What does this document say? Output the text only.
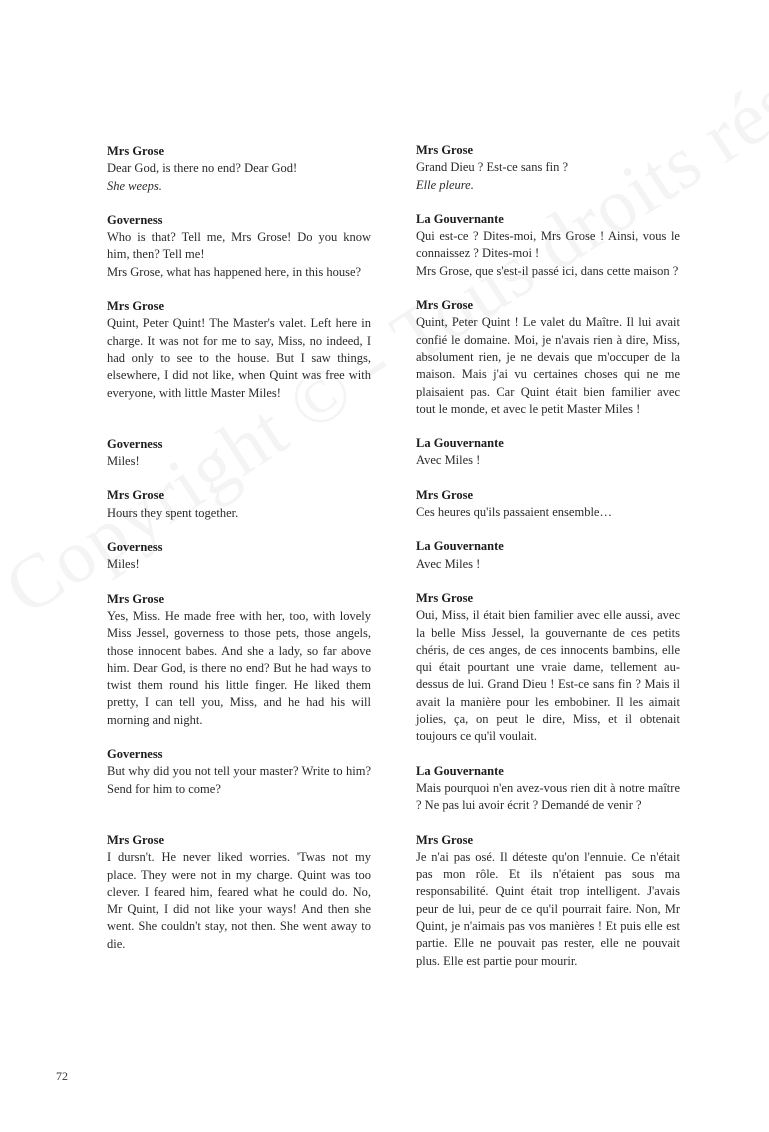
Mrs Grose
Dear God, is there no end? Dear God!
She weeps.
Governess
Who is that? Tell me, Mrs Grose! Do you know him, then? Tell me!
Mrs Grose, what has happened here, in this house?
Mrs Grose
Quint, Peter Quint! The Master's valet. Left here in charge. It was not for me to say, Miss, no indeed, I had only to see to the house. But I saw things, elsewhere, I did not like, when Quint was free with everyone, with little Master Miles!
Governess
Miles!
Mrs Grose
Hours they spent together.
Governess
Miles!
Mrs Grose
Yes, Miss. He made free with her, too, with lovely Miss Jessel, governess to those pets, those angels, those innocent babes. And she a lady, so far above him. Dear God, is there no end? But he had ways to twist them round his little finger. He liked them pretty, I can tell you, Miss, and he had his will morning and night.
Governess
But why did you not tell your master? Write to him? Send for him to come?
Mrs Grose
I dursn't. He never liked worries. 'Twas not my place. They were not in my charge. Quint was too clever. I feared him, feared what he could do. No, Mr Quint, I did not like your ways! And then she went. She couldn't stay, not then. She went away to die.
Mrs Grose
Grand Dieu ? Est-ce sans fin ?
Elle pleure.
La Gouvernante
Qui est-ce ? Dites-moi, Mrs Grose ! Ainsi, vous le connaissez ? Dites-moi !
Mrs Grose, que s'est-il passé ici, dans cette maison ?
Mrs Grose
Quint, Peter Quint ! Le valet du Maître. Il lui avait confié le domaine. Moi, je n'avais rien à dire, Miss, absolument rien, je ne devais que m'occuper de la maison. Mais j'ai vu certaines choses qui ne me plaisaient pas. Car Quint était bien familier avec tout le monde, et avec le petit Master Miles !
La Gouvernante
Avec Miles !
Mrs Grose
Ces heures qu'ils passaient ensemble…
La Gouvernante
Avec Miles !
Mrs Grose
Oui, Miss, il était bien familier avec elle aussi, avec la belle Miss Jessel, la gouvernante de ces petits chéris, de ces anges, de ces innocents bambins, elle qui était pourtant une vraie dame, tellement au-dessus de lui. Grand Dieu ! Est-ce sans fin ? Mais il avait la manière pour les embobiner. Il les aimait jolies, ça, on peut le dire, Miss, et il obtenait toujours ce qu'il voulait.
La Gouvernante
Mais pourquoi n'en avez-vous rien dit à notre maître ? Ne pas lui avoir écrit ? Demandé de venir ?
Mrs Grose
Je n'ai pas osé. Il déteste qu'on l'ennuie. Ce n'était pas mon rôle. Et ils n'étaient pas sous ma responsabilité. Quint était trop intelligent. J'avais peur de lui, peur de ce qu'il pourrait faire. Non, Mr Quint, je n'aimais pas vos manières ! Et puis elle est partie. Elle ne pouvait pas rester, elle ne pouvait plus. Elle est partie pour mourir.
72
